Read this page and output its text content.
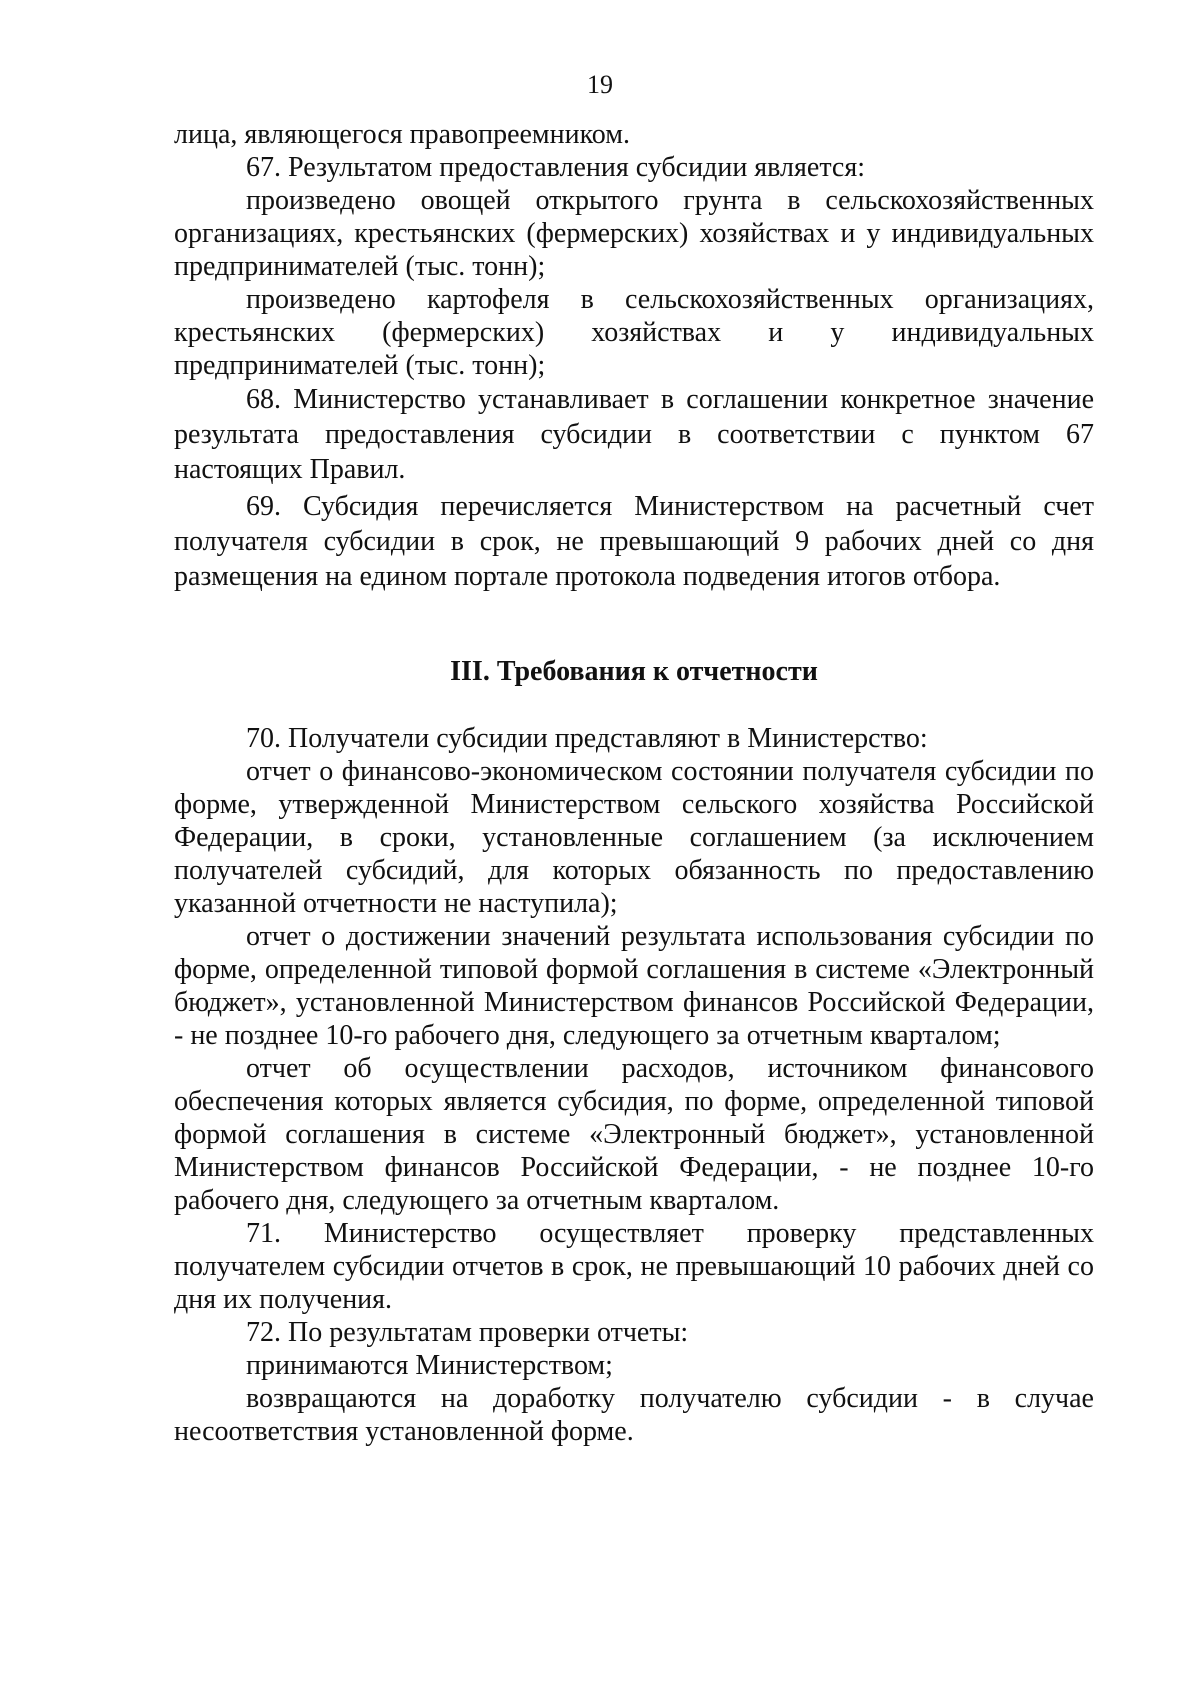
19

лица, являющегося правопреемником.

67. Результатом предоставления субсидии является:

произведено овощей открытого грунта в сельскохозяйственных организациях, крестьянских (фермерских) хозяйствах и у индивидуальных предпринимателей (тыс. тонн);

произведено картофеля в сельскохозяйственных организациях, крестьянских (фермерских) хозяйствах и у индивидуальных предпринимателей (тыс. тонн);

68. Министерство устанавливает в соглашении конкретное значение результата предоставления субсидии в соответствии с пунктом 67 настоящих Правил.

69. Субсидия перечисляется Министерством на расчетный счет получателя субсидии в срок, не превышающий 9 рабочих дней со дня размещения на едином портале протокола подведения итогов отбора.

III. Требования к отчетности

70. Получатели субсидии представляют в Министерство:

отчет о финансово-экономическом состоянии получателя субсидии по форме, утвержденной Министерством сельского хозяйства Российской Федерации, в сроки, установленные соглашением (за исключением получателей субсидий, для которых обязанность по предоставлению указанной отчетности не наступила);

отчет о достижении значений результата использования субсидии по форме, определенной типовой формой соглашения в системе «Электронный бюджет», установленной Министерством финансов Российской Федерации, - не позднее 10-го рабочего дня, следующего за отчетным кварталом;

отчет об осуществлении расходов, источником финансового обеспечения которых является субсидия, по форме, определенной типовой формой соглашения в системе «Электронный бюджет», установленной Министерством финансов Российской Федерации, - не позднее 10-го рабочего дня, следующего за отчетным кварталом.

71. Министерство осуществляет проверку представленных получателем субсидии отчетов в срок, не превышающий 10 рабочих дней со дня их получения.

72. По результатам проверки отчеты:

принимаются Министерством;

возвращаются на доработку получателю субсидии - в случае несоответствия установленной форме.
